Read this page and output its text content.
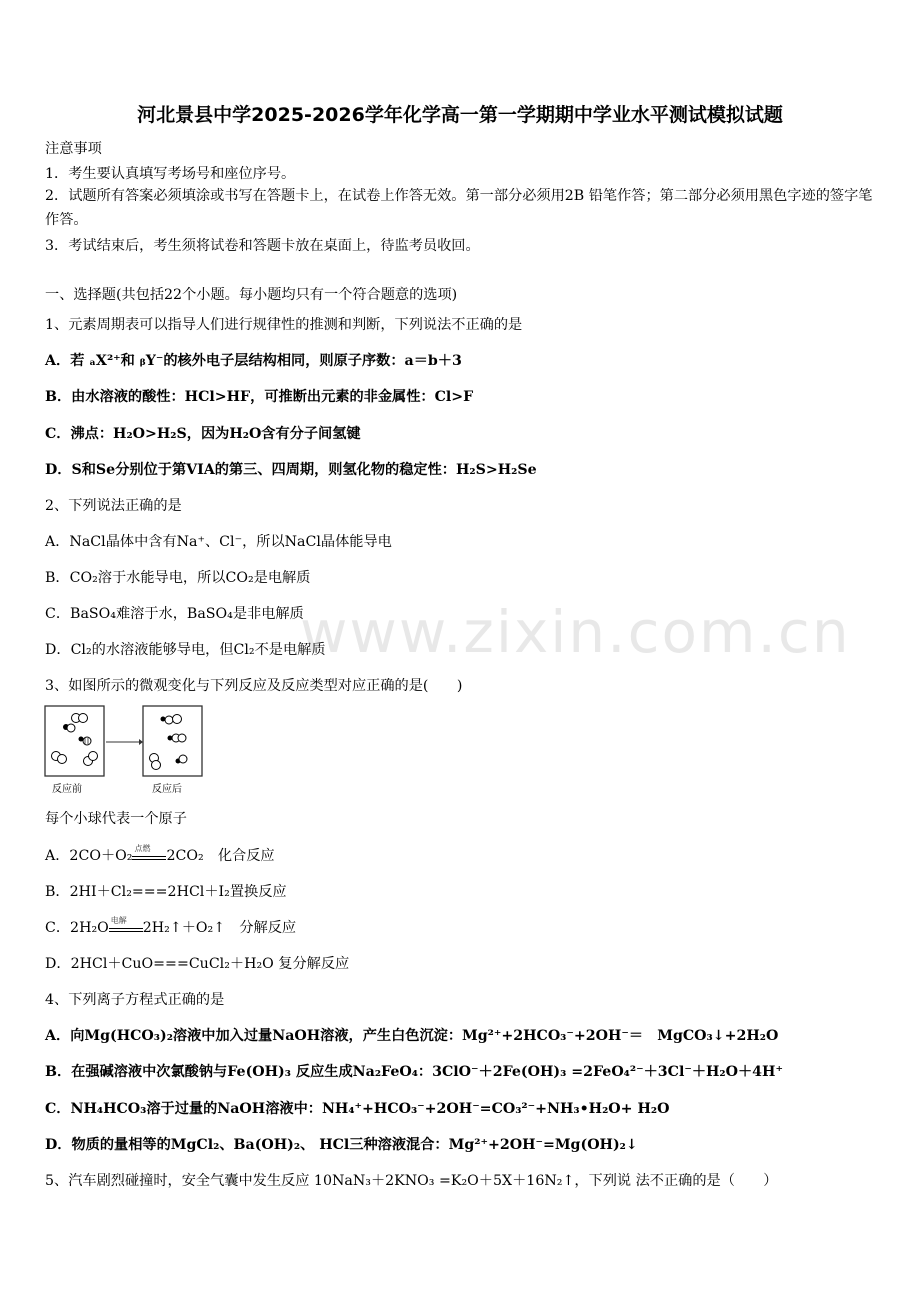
河北景县中学2025-2026学年化学高一第一学期期中学业水平测试模拟试题
注意事项
1．考生要认真填写考场号和座位序号。
2．试题所有答案必须填涂或书写在答题卡上，在试卷上作答无效。第一部分必须用2B 铅笔作答；第二部分必须用黑色字迹的签字笔作答。
3．考试结束后，考生须将试卷和答题卡放在桌面上，待监考员收回。
一、选择题(共包括22个小题。每小题均只有一个符合题意的选项)
1、元素周期表可以指导人们进行规律性的推测和判断，下列说法不正确的是
A．若 ₐX²⁺和 ᵦY⁻的核外电子层结构相同，则原子序数：a＝b＋3
B．由水溶液的酸性：HCl>HF，可推断出元素的非金属性：Cl>F
C．沸点：H₂O>H₂S，因为H₂O含有分子间氢键
D．S和Se分别位于第VIA的第三、四周期，则氢化物的稳定性：H₂S>H₂Se
2、下列说法正确的是
A．NaCl晶体中含有Na⁺、Cl⁻，所以NaCl晶体能导电
B．CO₂溶于水能导电，所以CO₂是电解质
C．BaSO₄难溶于水，BaSO₄是非电解质
D．Cl₂的水溶液能够导电，但Cl₂不是电解质
3、如图所示的微观变化与下列反应及反应类型对应正确的是(　　)
反应前	反应后
每个小球代表一个原子
A．2CO＋O₂ 点燃 2CO₂　化合反应
B．2HI＋Cl₂===2HCl＋I₂置换反应
C．2H₂O 电解 2H₂↑＋O₂↑　分解反应
D．2HCl＋CuO===CuCl₂＋H₂O 复分解反应
4、下列离子方程式正确的是
A．向Mg(HCO₃)₂溶液中加入过量NaOH溶液，产生白色沉淀：Mg²⁺+2HCO₃⁻+2OH⁻＝　MgCO₃↓+2H₂O
B．在强碱溶液中次氯酸钠与Fe(OH)₃ 反应生成Na₂FeO₄：3ClO⁻＋2Fe(OH)₃ =2FeO₄²⁻＋3Cl⁻＋H₂O＋4H⁺
C．NH₄HCO₃溶于过量的NaOH溶液中：NH₄⁺+HCO₃⁻+2OH⁻=CO₃²⁻+NH₃•H₂O+ H₂O
D．物质的量相等的MgCl₂、Ba(OH)₂、 HCl三种溶液混合：Mg²⁺+2OH⁻=Mg(OH)₂↓
5、汽车剧烈碰撞时，安全气囊中发生反应 10NaN₃＋2KNO₃ =K₂O＋5X＋16N₂↑，下列说 法不正确的是（　　）
www.zixin.com.cn
